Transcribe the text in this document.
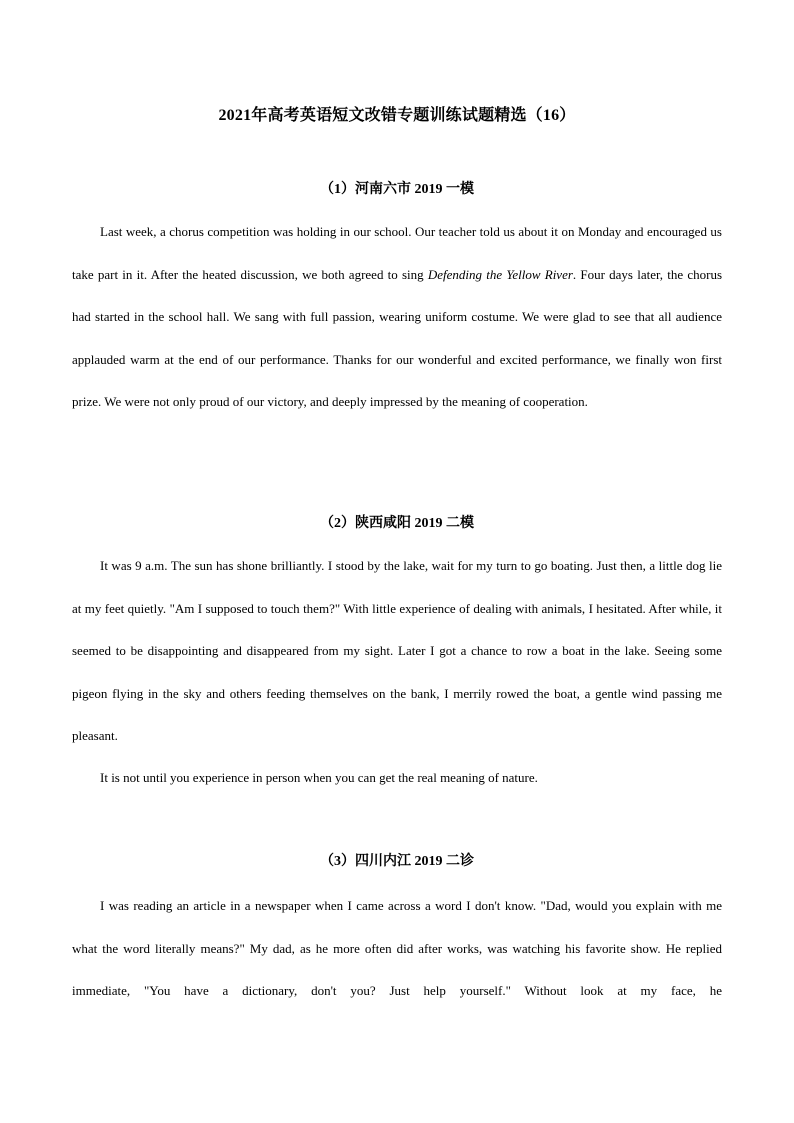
2021年高考英语短文改错专题训练试题精选（16）
（1）河南六市 2019 一模

Last week, a chorus competition was holding in our school. Our teacher told us about it on Monday and encouraged us take part in it. After the heated discussion, we both agreed to sing Defending the Yellow River. Four days later, the chorus had started in the school hall. We sang with full passion, wearing uniform costume. We were glad to see that all audience applauded warm at the end of our performance. Thanks for our wonderful and excited performance, we finally won first prize. We were not only proud of our victory, and deeply impressed by the meaning of cooperation.

（2）陕西咸阳 2019 二模

It was 9 a.m. The sun has shone brilliantly. I stood by the lake, wait for my turn to go boating. Just then, a little dog lie at my feet quietly. "Am I supposed to touch them?" With little experience of dealing with animals, I hesitated. After while, it seemed to be disappointing and disappeared from my sight. Later I got a chance to row a boat in the lake. Seeing some pigeon flying in the sky and others feeding themselves on the bank, I merrily rowed the boat, a gentle wind passing me pleasant.

It is not until you experience in person when you can get the real meaning of nature.

（3）四川内江 2019 二诊

I was reading an article in a newspaper when I came across a word I don't know. "Dad, would you explain with me what the word literally means?" My dad, as he more often did after works, was watching his favorite show. He replied immediate, "You have a dictionary, don't you? Just help yourself." Without look at my face, he
